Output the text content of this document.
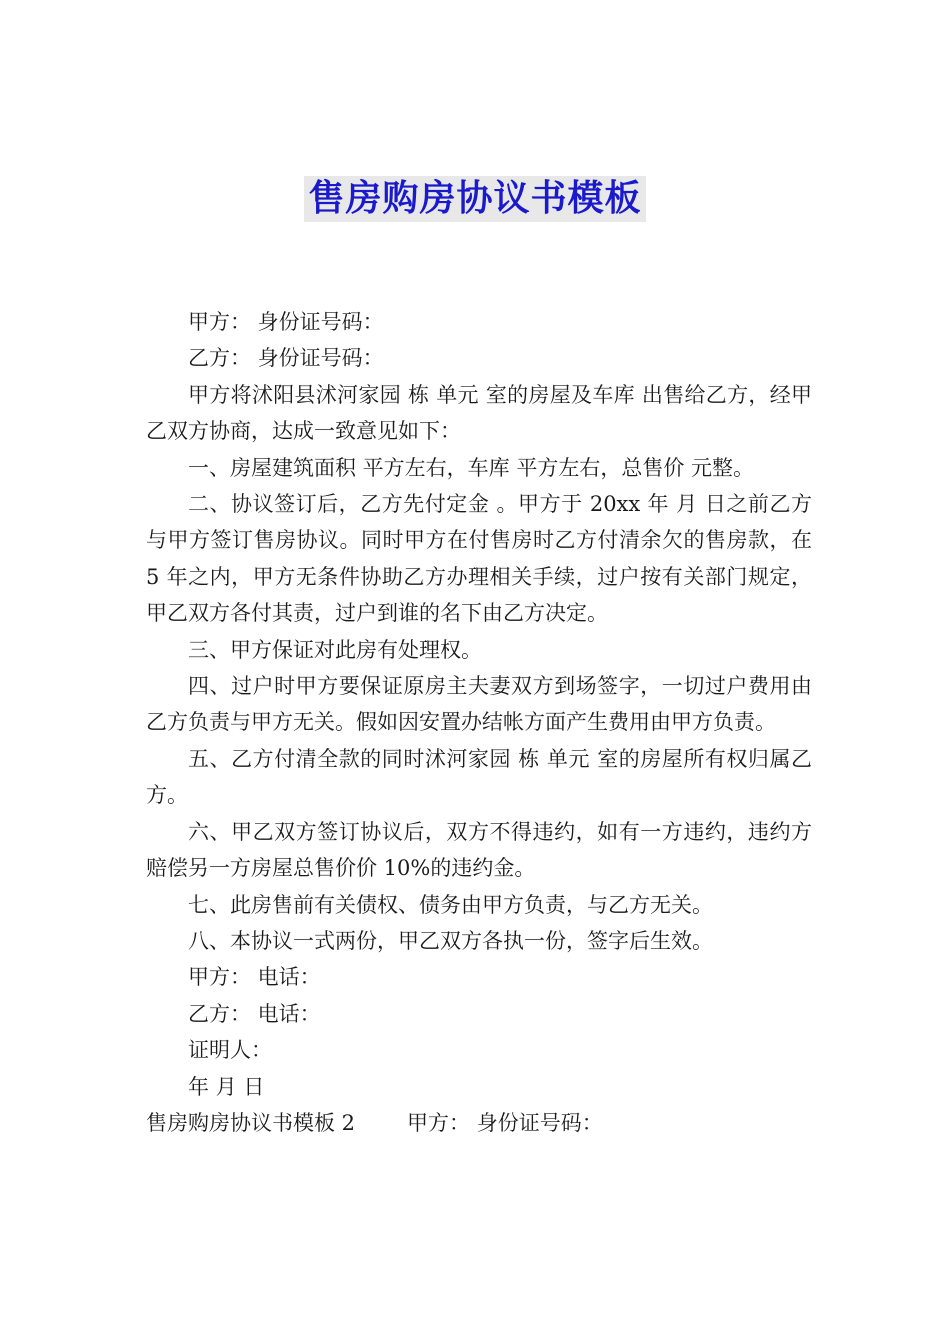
售房购房协议书模板

甲方： 身份证号码：

乙方： 身份证号码：

甲方将沭阳县沭河家园 栋 单元 室的房屋及车库 出售给乙方，经甲乙双方协商，达成一致意见如下：

一、房屋建筑面积 平方左右，车库 平方左右，总售价 元整。

二、协议签订后，乙方先付定金 。甲方于 20xx 年 月 日之前乙方与甲方签订售房协议。同时甲方在付售房时乙方付清余欠的售房款，在 5 年之内，甲方无条件协助乙方办理相关手续，过户按有关部门规定，甲乙双方各付其责，过户到谁的名下由乙方决定。

三、甲方保证对此房有处理权。

四、过户时甲方要保证原房主夫妻双方到场签字，一切过户费用由乙方负责与甲方无关。假如因安置办结帐方面产生费用由甲方负责。

五、乙方付清全款的同时沭河家园 栋 单元 室的房屋所有权归属乙方。

六、甲乙双方签订协议后，双方不得违约，如有一方违约，违约方赔偿另一方房屋总售价价 10%的违约金。

七、此房售前有关债权、债务由甲方负责，与乙方无关。

八、本协议一式两份，甲乙双方各执一份，签字后生效。

甲方： 电话：

乙方： 电话：

证明人：

年 月 日

售房购房协议书模板 2 甲方： 身份证号码：
